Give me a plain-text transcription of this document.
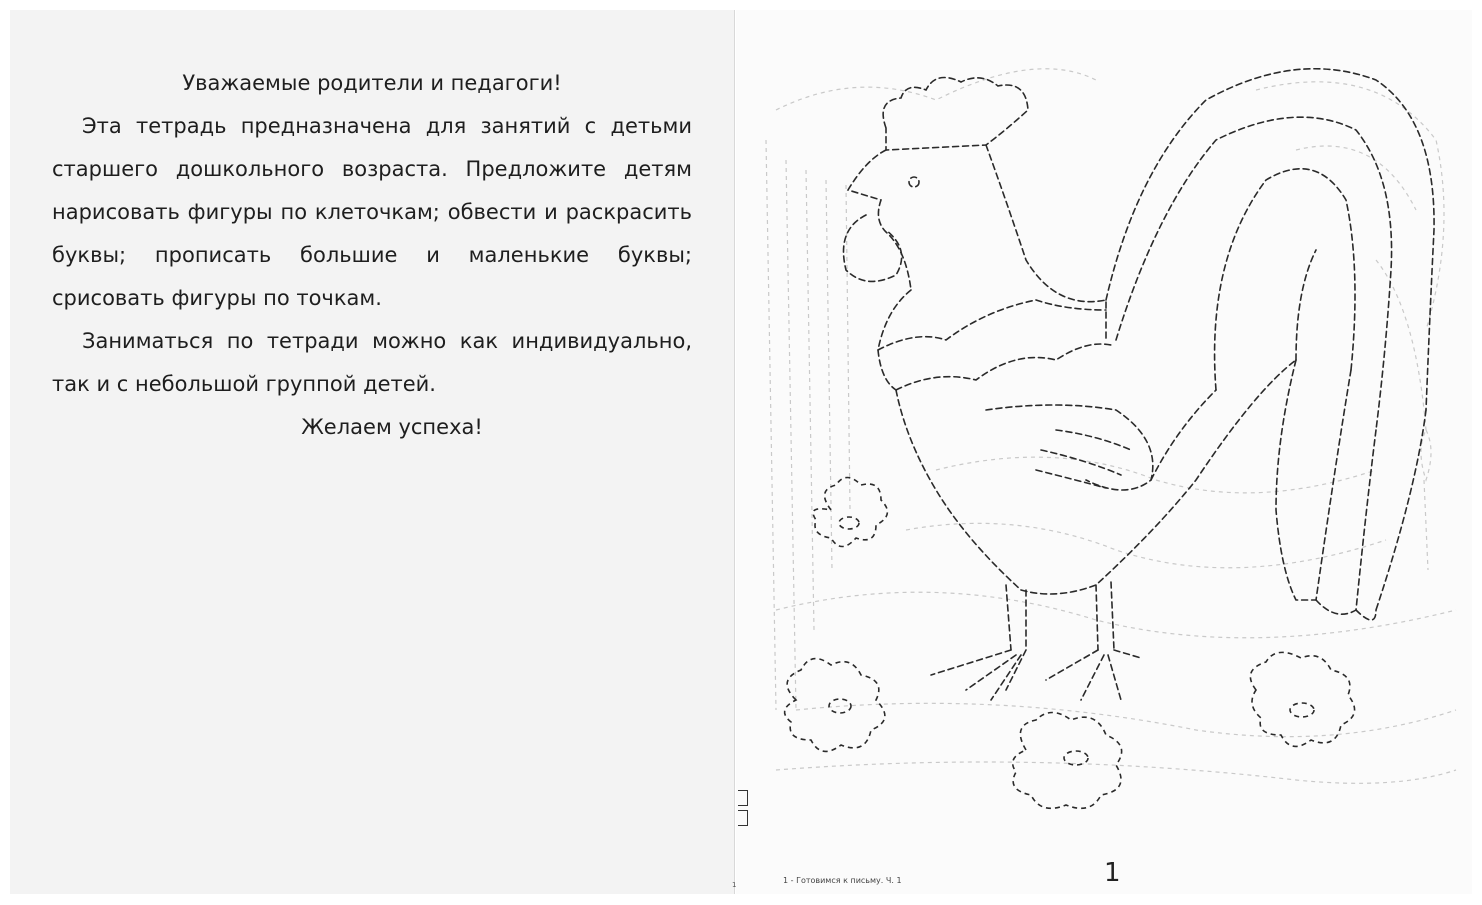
Уважаемые родители и педагоги!

Эта тетрадь предназначена для занятий с детьми старшего дошкольного возраста. Предложите детям нарисовать фигуры по клеточкам; обвести и раскрасить буквы; прописать большие и маленькие буквы; срисовать фигуры по точкам.

Заниматься по тетради можно как индивидуально, так и с небольшой группой детей.

Желаем успеха!

1	1 - Готовимся к письму. Ч. 1	1
